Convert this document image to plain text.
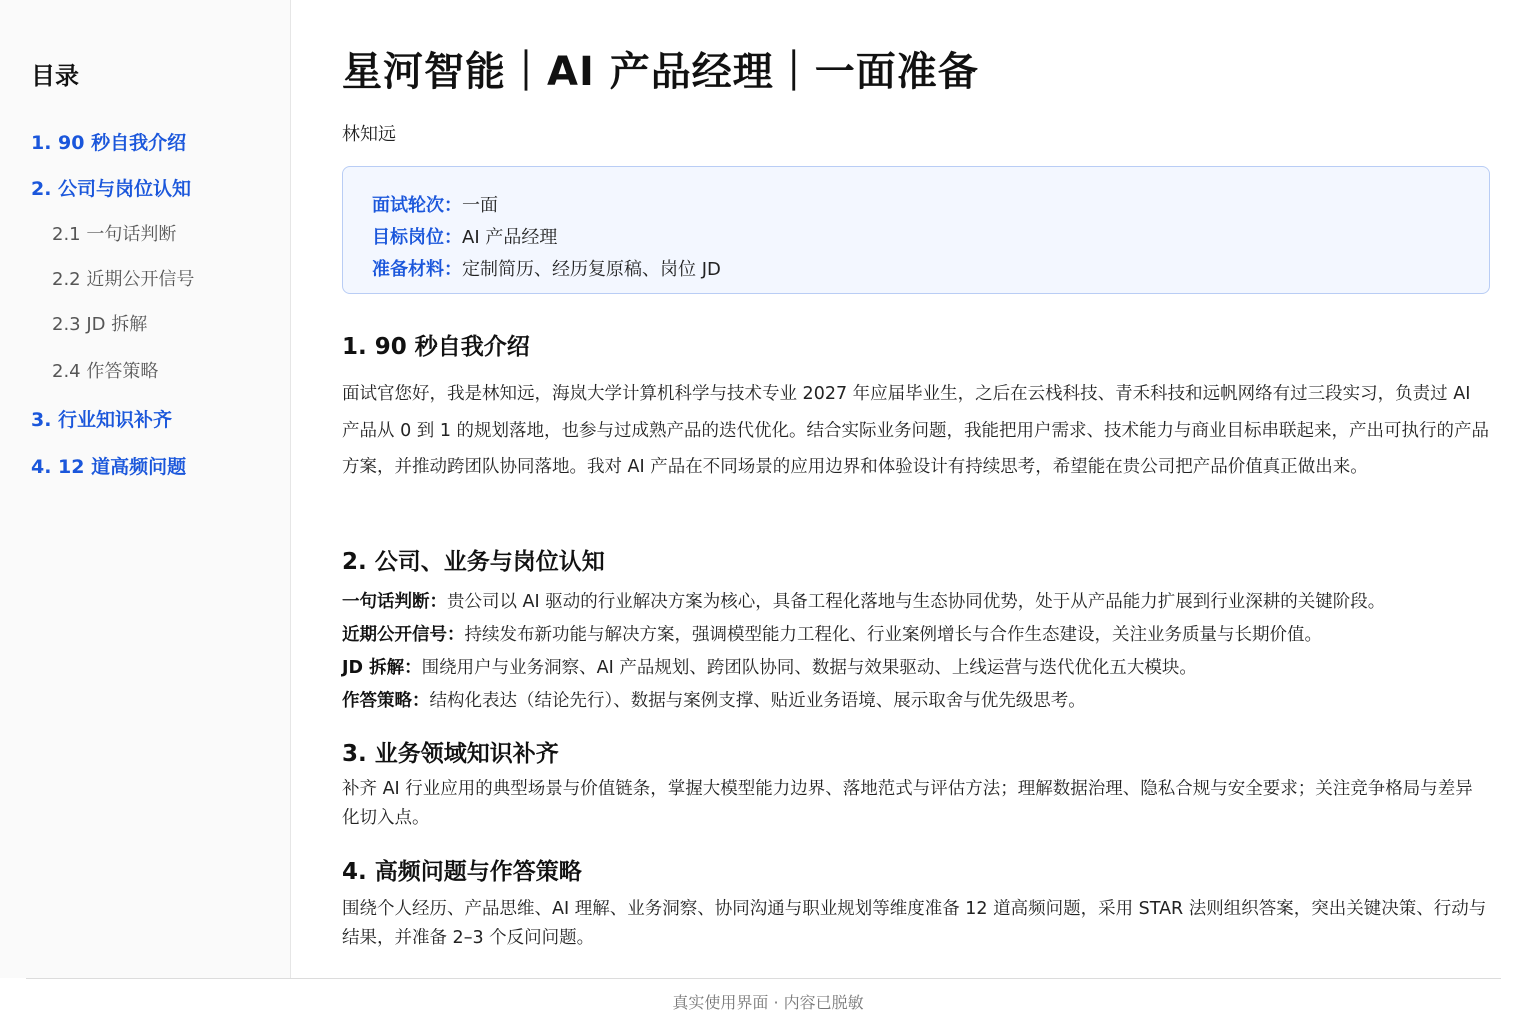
目录
1. 90 秒自我介绍
2. 公司与岗位认知
2.1 一句话判断
2.2 近期公开信号
2.3 JD 拆解
2.4 作答策略
3. 行业知识补齐
4. 12 道高频问题
星河智能｜AI 产品经理｜一面准备
林知远
面试轮次：一面
目标岗位：AI 产品经理
准备材料：定制简历、经历复原稿、岗位 JD
1. 90 秒自我介绍
面试官您好，我是林知远，海岚大学计算机科学与技术专业 2027 年应届毕业生，之后在云栈科技、青禾科技和远帆网络有过三段实习，负责过 AI 产品从 0 到 1 的规划落地，也参与过成熟产品的迭代优化。结合实际业务问题，我能把用户需求、技术能力与商业目标串联起来，产出可执行的产品方案，并推动跨团队协同落地。我对 AI 产品在不同场景的应用边界和体验设计有持续思考，希望能在贵公司把产品价值真正做出来。
2. 公司、业务与岗位认知
一句话判断：贵公司以 AI 驱动的行业解决方案为核心，具备工程化落地与生态协同优势，处于从产品能力扩展到行业深耕的关键阶段。
近期公开信号：持续发布新功能与解决方案，强调模型能力工程化、行业案例增长与合作生态建设，关注业务质量与长期价值。
JD 拆解：围绕用户与业务洞察、AI 产品规划、跨团队协同、数据与效果驱动、上线运营与迭代优化五大模块。
作答策略：结构化表达（结论先行）、数据与案例支撑、贴近业务语境、展示取舍与优先级思考。
3. 业务领域知识补齐
补齐 AI 行业应用的典型场景与价值链条，掌握大模型能力边界、落地范式与评估方法；理解数据治理、隐私合规与安全要求；关注竞争格局与差异化切入点。
4. 高频问题与作答策略
围绕个人经历、产品思维、AI 理解、业务洞察、协同沟通与职业规划等维度准备 12 道高频问题，采用 STAR 法则组织答案，突出关键决策、行动与结果，并准备 2–3 个反问问题。
真实使用界面 · 内容已脱敏
